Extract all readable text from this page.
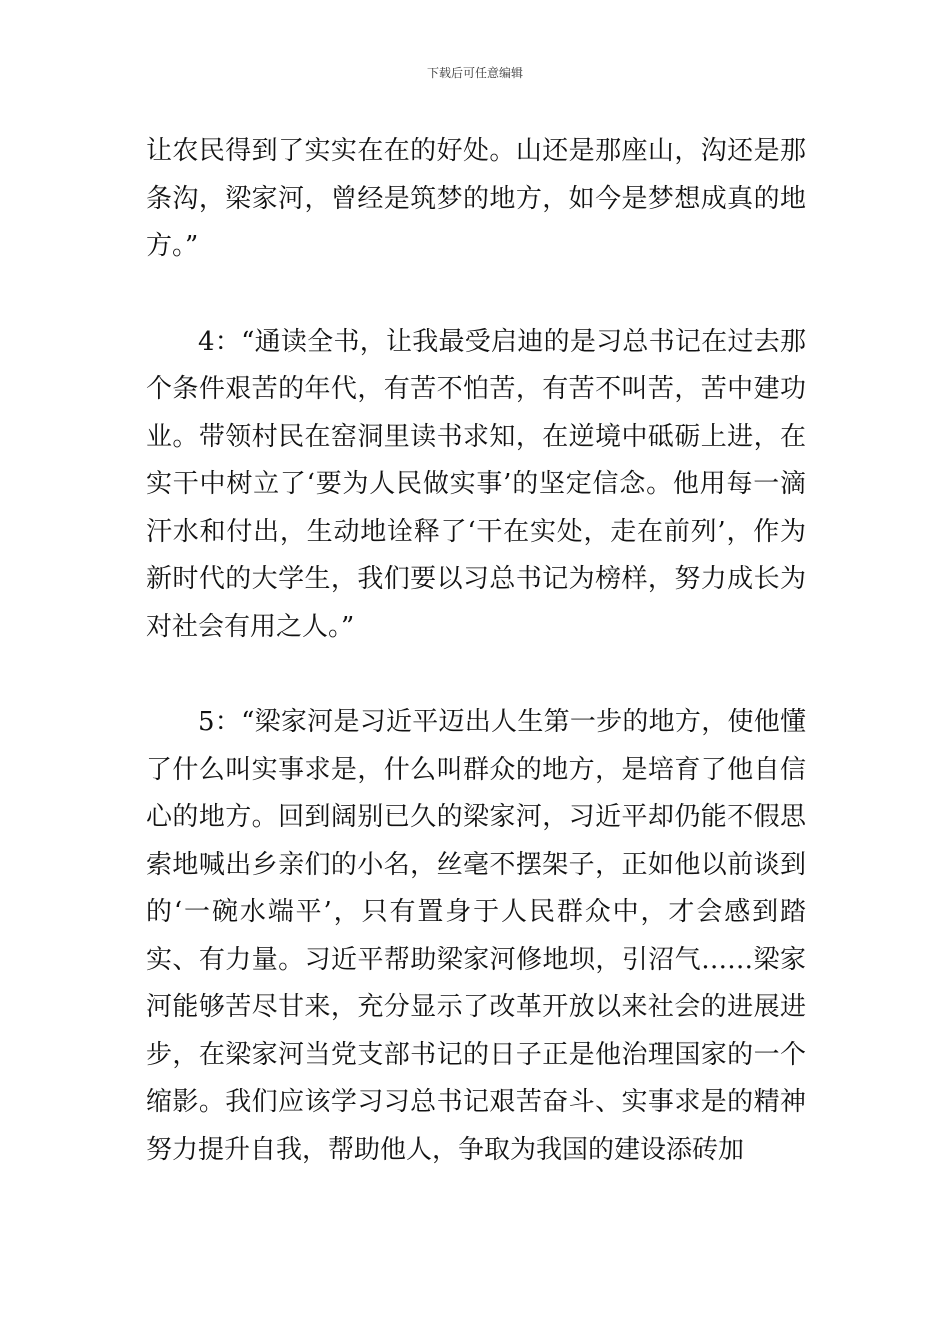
下载后可任意编辑

让农民得到了实实在在的好处。山还是那座山，沟还是那条沟，梁家河，曾经是筑梦的地方，如今是梦想成真的地方。”

4：“通读全书，让我最受启迪的是习总书记在过去那个条件艰苦的年代，有苦不怕苦，有苦不叫苦，苦中建功业。带领村民在窑洞里读书求知，在逆境中砥砺上进，在实干中树立了‘要为人民做实事’的坚定信念。他用每一滴汗水和付出，生动地诠释了‘干在实处，走在前列’，作为新时代的大学生，我们要以习总书记为榜样，努力成长为对社会有用之人。”

5：“梁家河是习近平迈出人生第一步的地方，使他懂了什么叫实事求是，什么叫群众的地方，是培育了他自信心的地方。回到阔别已久的梁家河，习近平却仍能不假思索地喊出乡亲们的小名，丝毫不摆架子，正如他以前谈到的‘一碗水端平’，只有置身于人民群众中，才会感到踏实、有力量。习近平帮助梁家河修地坝，引沼气……梁家河能够苦尽甘来，充分显示了改革开放以来社会的进展进步，在梁家河当党支部书记的日子正是他治理国家的一个缩影。我们应该学习习总书记艰苦奋斗、实事求是的精神努力提升自我，帮助他人，争取为我国的建设添砖加
